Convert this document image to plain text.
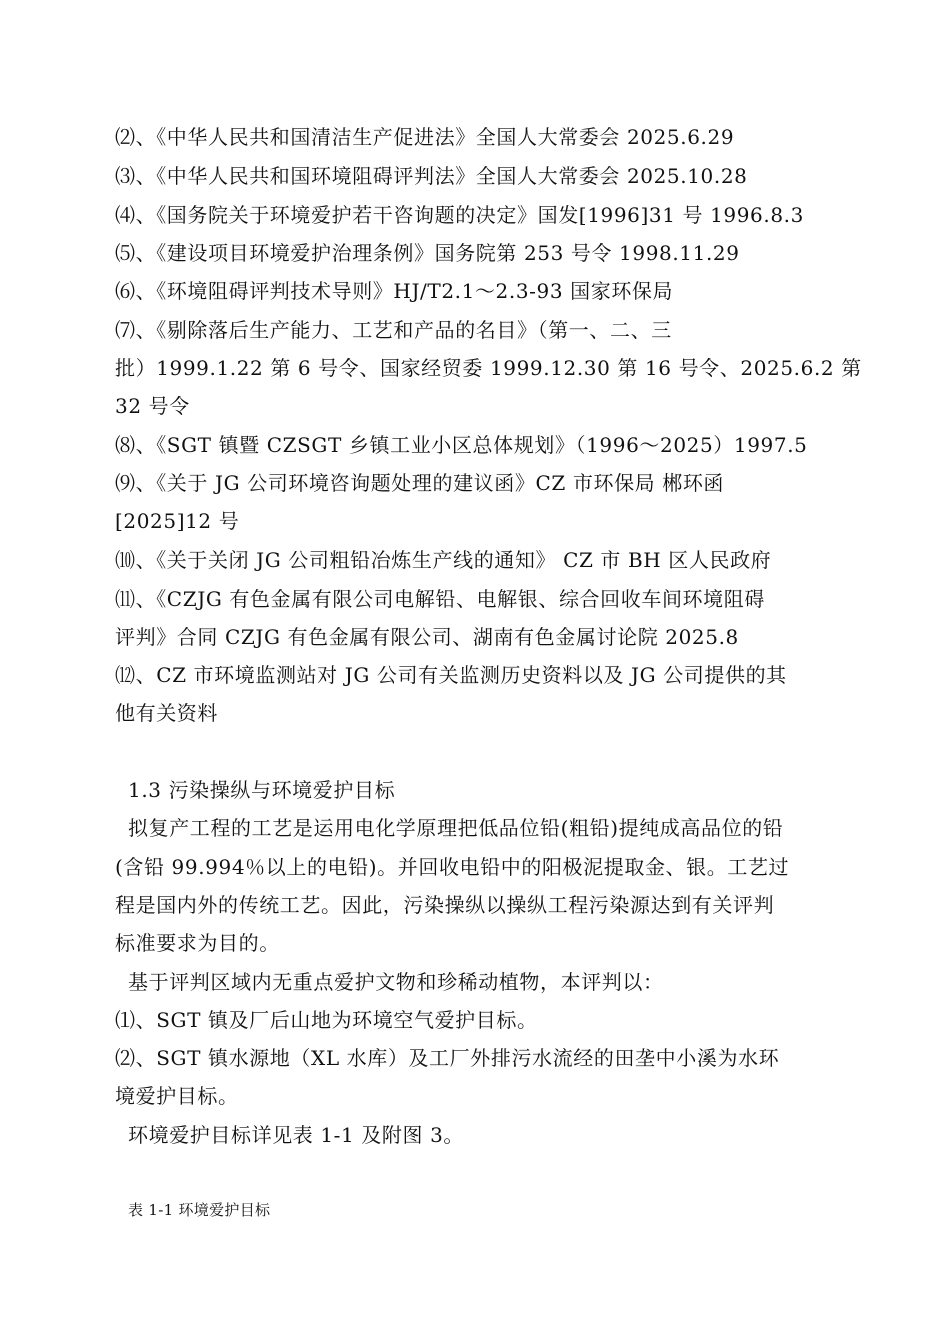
⑵、《中华人民共和国清洁生产促进法》全国人大常委会 2025.6.29
⑶、《中华人民共和国环境阻碍评判法》全国人大常委会 2025.10.28
⑷、《国务院关于环境爱护若干咨询题的决定》国发[1996]31 号 1996.8.3
⑸、《建设项目环境爱护治理条例》国务院第 253 号令 1998.11.29
⑹、《环境阻碍评判技术导则》HJ/T2.1～2.3-93 国家环保局
⑺、《剔除落后生产能力、工艺和产品的名目》（第一、二、三
批）1999.1.22 第 6 号令、国家经贸委 1999.12.30 第 16 号令、2025.6.2 第
32 号令
⑻、《SGT 镇暨 CZSGT 乡镇工业小区总体规划》（1996～2025）1997.5
⑼、《关于 JG 公司环境咨询题处理的建议函》CZ 市环保局 郴环函
[2025]12 号
⑽、《关于关闭 JG 公司粗铅冶炼生产线的通知》 CZ 市 BH 区人民政府
⑾、《CZJG 有色金属有限公司电解铅、电解银、综合回收车间环境阻碍
评判》合同 CZJG 有色金属有限公司、湖南有色金属讨论院 2025.8
⑿、CZ 市环境监测站对 JG 公司有关监测历史资料以及 JG 公司提供的其
他有关资料
1.3 污染操纵与环境爱护目标
拟复产工程的工艺是运用电化学原理把低品位铅(粗铅)提纯成高品位的铅
(含铅 99.994％以上的电铅)。并回收电铅中的阳极泥提取金、银。工艺过
程是国内外的传统工艺。因此，污染操纵以操纵工程污染源达到有关评判
标准要求为目的。
基于评判区域内无重点爱护文物和珍稀动植物，本评判以：
⑴、SGT 镇及厂后山地为环境空气爱护目标。
⑵、SGT 镇水源地（XL 水库）及工厂外排污水流经的田垄中小溪为水环
境爱护目标。
环境爱护目标详见表 1-1 及附图 3。
表 1-1 环境爱护目标
